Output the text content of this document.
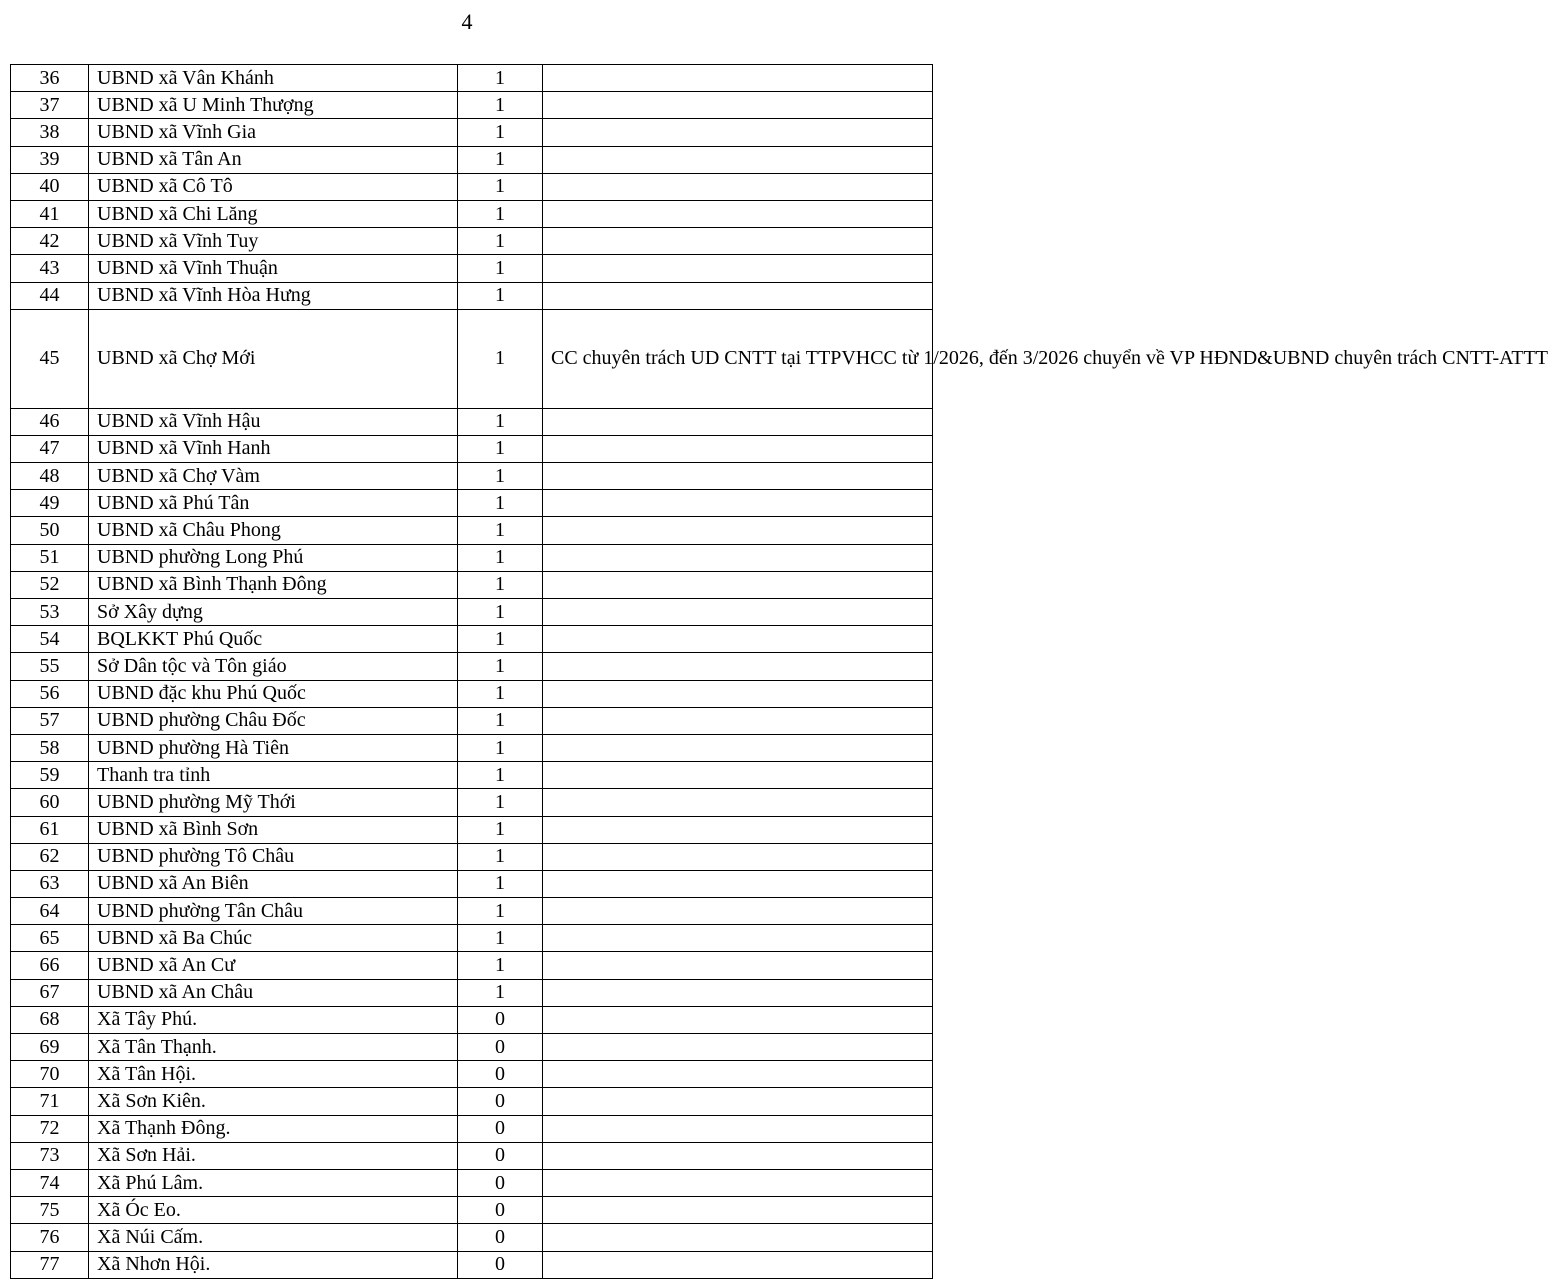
4
36	UBND xã Vân Khánh	1	
37	UBND xã U Minh Thượng	1	
38	UBND xã Vĩnh Gia	1	
39	UBND xã Tân An	1	
40	UBND xã Cô Tô	1	
41	UBND xã Chi Lăng	1	
42	UBND xã Vĩnh Tuy	1	
43	UBND xã Vĩnh Thuận	1	
44	UBND xã Vĩnh Hòa Hưng	1	
45	UBND xã Chợ Mới	1	CC chuyên trách UD CNTT tại TTPVHCC từ 1/2026, đến 3/2026 chuyển về VP HĐND&UBND chuyên trách CNTT-ATTT
46	UBND xã Vĩnh Hậu	1	
47	UBND xã Vĩnh Hanh	1	
48	UBND xã Chợ Vàm	1	
49	UBND xã Phú Tân	1	
50	UBND xã Châu Phong	1	
51	UBND phường Long Phú	1	
52	UBND xã Bình Thạnh Đông	1	
53	Sở Xây dựng	1	
54	BQLKKT Phú Quốc	1	
55	Sở Dân tộc và Tôn giáo	1	
56	UBND đặc khu Phú Quốc	1	
57	UBND phường Châu Đốc	1	
58	UBND phường Hà Tiên	1	
59	Thanh tra tỉnh	1	
60	UBND phường Mỹ Thới	1	
61	UBND xã Bình Sơn	1	
62	UBND phường Tô Châu	1	
63	UBND xã An Biên	1	
64	UBND phường Tân Châu	1	
65	UBND xã Ba Chúc	1	
66	UBND xã An Cư	1	
67	UBND xã An Châu	1	
68	Xã Tây Phú.	0	
69	Xã Tân Thạnh.	0	
70	Xã Tân Hội.	0	
71	Xã Sơn Kiên.	0	
72	Xã Thạnh Đông.	0	
73	Xã Sơn Hải.	0	
74	Xã Phú Lâm.	0	
75	Xã Óc Eo.	0	
76	Xã Núi Cấm.	0	
77	Xã Nhơn Hội.	0	
